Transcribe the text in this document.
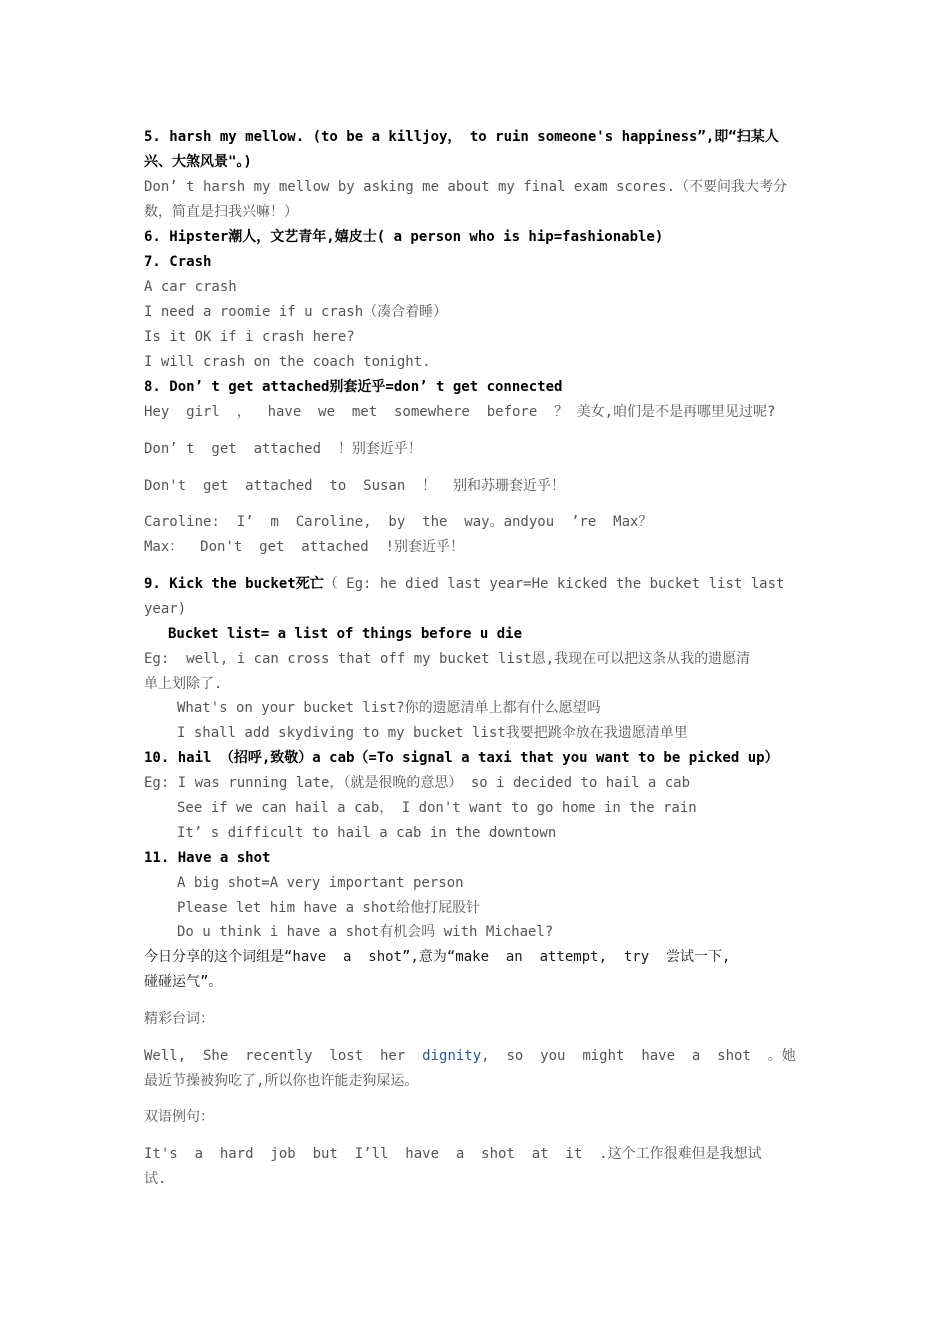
5. harsh my mellow. (to be a killjoy， to ruin someone's happiness”,即“扫某人
兴、大煞风景"。)
Don’ t harsh my mellow by asking me about my final exam scores.（不要问我大考分
数，简直是扫我兴嘛！）
6. Hipster潮人，文艺青年,嬉皮士( a person who is hip=fashionable)
7. Crash
A car crash
I need a roomie if u crash（凑合着睡）
Is it OK if i crash here?
I will crash on the coach tonight.
8. Don’ t get attached别套近乎=don’ t get connected
Hey  girl  ，  have  we  met  somewhere  before  ？ 美女,咱们是不是再哪里见过呢?
Don’ t  get  attached  ！别套近乎！
Don't  get  attached  to  Susan  ！  别和苏珊套近乎！
Caroline:  I’  m  Caroline,  by  the  way。andyou  ’re  Max？
Max：  Don't  get  attached  !别套近乎！
9. Kick the bucket死亡（ Eg: he died last year=He kicked the bucket list last
year)
Bucket list= a list of things before u die
Eg:  well, i can cross that off my bucket list恩,我现在可以把这条从我的遗愿清
单上划除了.
What's on your bucket list?你的遗愿清单上都有什么愿望吗
I shall add skydiving to my bucket list我要把跳伞放在我遗愿清单里
10. hail （招呼,致敬）a cab（=To signal a taxi that you want to be picked up）
Eg: I was running late，（就是很晚的意思） so i decided to hail a cab
See if we can hail a cab， I don't want to go home in the rain
It’ s difficult to hail a cab in the downtown
11. Have a shot
A big shot=A very important person
Please let him have a shot给他打屁股针
Do u think i have a shot有机会吗 with Michael?
今日分享的这个词组是“have  a  shot”,意为“make  an  attempt,  try  尝试一下,
碰碰运气”。
精彩台词：
Well,  She  recently  lost  her  dignity,  so  you  might  have  a  shot  。她
最近节操被狗吃了,所以你也许能走狗屎运。
双语例句：
It's  a  hard  job  but  I’ll  have  a  shot  at  it  .这个工作很难但是我想试
试.
